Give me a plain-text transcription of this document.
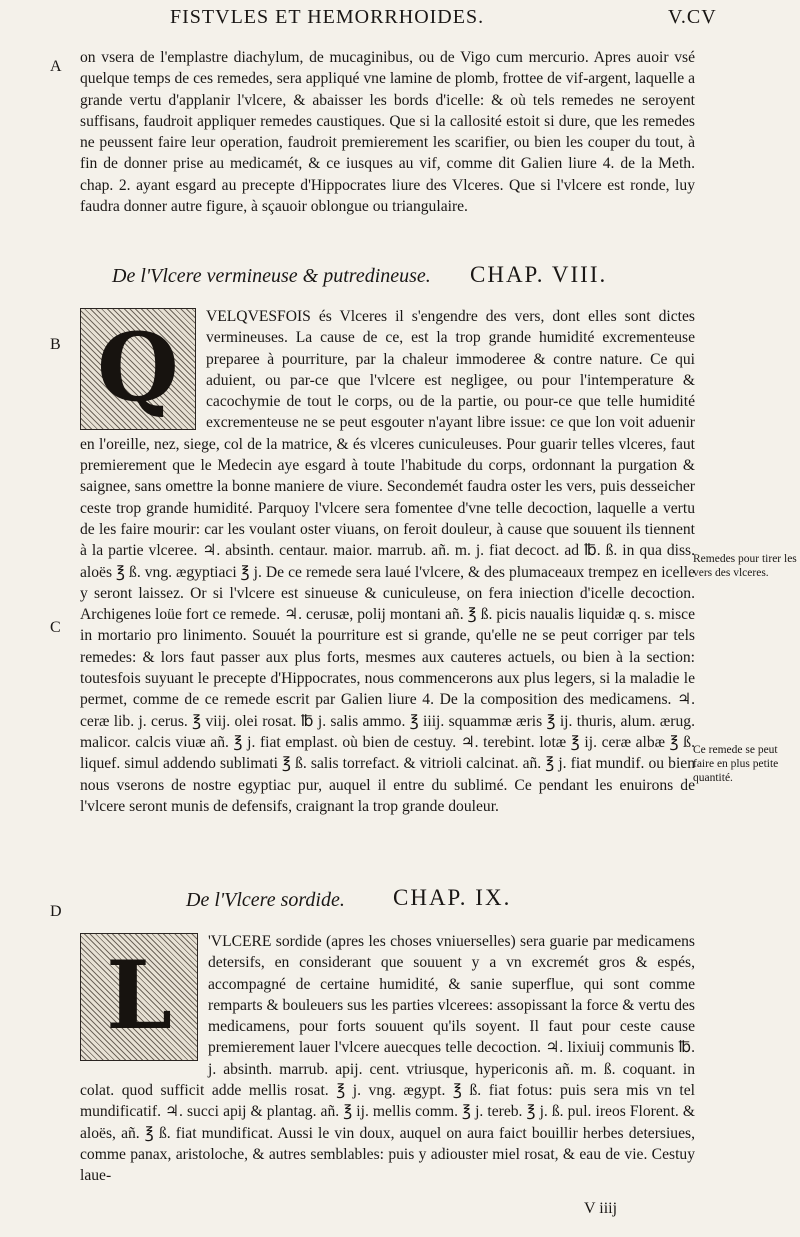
FISTVLES ET HEMORRHOIDES.	V.CV
A
B
C
D

on vsera de l'emplastre diachylum, de mucaginibus, ou de Vigo cum mercurio. Apres auoir vsé quelque temps de ces remedes, sera appliqué vne lamine de plomb, frottee de vif-argent, laquelle a grande vertu d'applanir l'vlcere, & abaisser les bords d'icelle: & où tels remedes ne seroyent suffisans, faudroit appliquer remedes caustiques. Que si la callosité estoit si dure, que les remedes ne peussent faire leur operation, faudroit premierement les scarifier, ou bien les couper du tout, à fin de donner prise au medicamét, & ce iusques au vif, comme dit Galien liure 4. de la Meth. chap. 2. ayant esgard au precepte d'Hippocrates liure des Vlceres. Que si l'vlcere est ronde, luy faudra donner autre figure, à sçauoir oblongue ou triangulaire.

De l'Vlcere vermineuse & putredineuse. CHAP. VIII.
Q	VELQVESFOIS és Vlceres il s'engendre des vers, dont elles sont dictes vermineuses. La cause de ce, est la trop grande humidité excrementeuse preparee à pourriture, par la chaleur immoderee & contre nature. Ce qui aduient, ou par-ce que l'vlcere est negligee, ou pour l'intemperature & cacochymie de tout le corps, ou de la partie, ou pour-ce que telle humidité excrementeuse ne se peut esgouter n'ayant libre issue: ce que lon voit aduenir en l'oreille, nez, siege, col de la matrice, & és vlceres cuniculeuses. Pour guarir telles vlceres, faut premierement que le Medecin aye esgard à toute l'habitude du corps, ordonnant la purgation & saignee, sans omettre la bonne maniere de viure. Secondemét faudra oster les vers, puis desseicher ceste trop grande humidité. Parquoy l'vlcere sera fomentee d'vne telle decoction, laquelle a vertu de les faire mourir: car les voulant oster viuans, on feroit douleur, à cause que souuent ils tiennent à la partie vlceree. ♃. absinth. centaur. maior. marrub. añ. m. j. fiat decoct. ad ℔. ß. in qua diss. aloës ℥ ß. vng. ægyptiaci ℥ j. De ce remede sera laué l'vlcere, & des plumaceaux trempez en icelle y seront laissez. Or si l'vlcere est sinueuse & cuniculeuse, on fera iniection d'icelle decoction. Archigenes loüe fort ce remede. ♃. cerusæ, polij montani añ. ℥ ß. picis naualis liquidæ q. s. misce in mortario pro linimento. Souuét la pourriture est si grande, qu'elle ne se peut corriger par tels remedes: & lors faut passer aux plus forts, mesmes aux cauteres actuels, ou bien à la section: toutesfois suyuant le precepte d'Hippocrates, nous commencerons aux plus legers, si la maladie le permet, comme de ce remede escrit par Galien liure 4. De la composition des medicamens. ♃. ceræ lib. j. cerus. ℥ viij. olei rosat. ℔ j. salis ammo. ℥ iiij. squammæ æris ℥ ij. thuris, alum. ærug. malicor. calcis viuæ añ. ℥ j. fiat emplast. où bien de cestuy. ♃. terebint. lotæ ℥ ij. ceræ albæ ℥ ß. liquef. simul addendo sublimati ℥ ß. salis torrefact. & vitrioli calcinat. añ. ℥ j. fiat mundif. ou bien nous vserons de nostre egyptiac pur, auquel il entre du sublimé. Ce pendant les enuirons de l'vlcere seront munis de defensifs, craignant la trop grande douleur.

Remedes pour tirer les vers des vlceres.
Ce remede se peut faire en plus petite quantité.
De l'Vlcere sordide. CHAP. IX.
L	'VLCERE sordide (apres les choses vniuerselles) sera guarie par medicamens detersifs, en considerant que souuent y a vn excremét gros & espés, accompagné de certaine humidité, & sanie superflue, qui sont comme remparts & bouleuers sus les parties vlcerees: assopissant la force & vertu des medicamens, pour forts souuent qu'ils soyent. Il faut pour ceste cause premierement lauer l'vlcere auecques telle decoction. ♃. lixiuij communis ℔. j. absinth. marrub. apij. cent. vtriusque, hypericonis añ. m. ß. coquant. in colat. quod sufficit adde mellis rosat. ℥ j. vng. ægypt. ℥ ß. fiat fotus: puis sera mis vn tel mundificatif. ♃. succi apij & plantag. añ. ℥ ij. mellis comm. ℥ j. tereb. ℥ j. ß. pul. ireos Florent. & aloës, añ. ℥ ß. fiat mundificat. Aussi le vin doux, auquel on aura faict bouillir herbes detersiues, comme panax, aristoloche, & autres semblables: puis y adiouster miel rosat, & eau de vie. Cestuy laue-

V iiij
